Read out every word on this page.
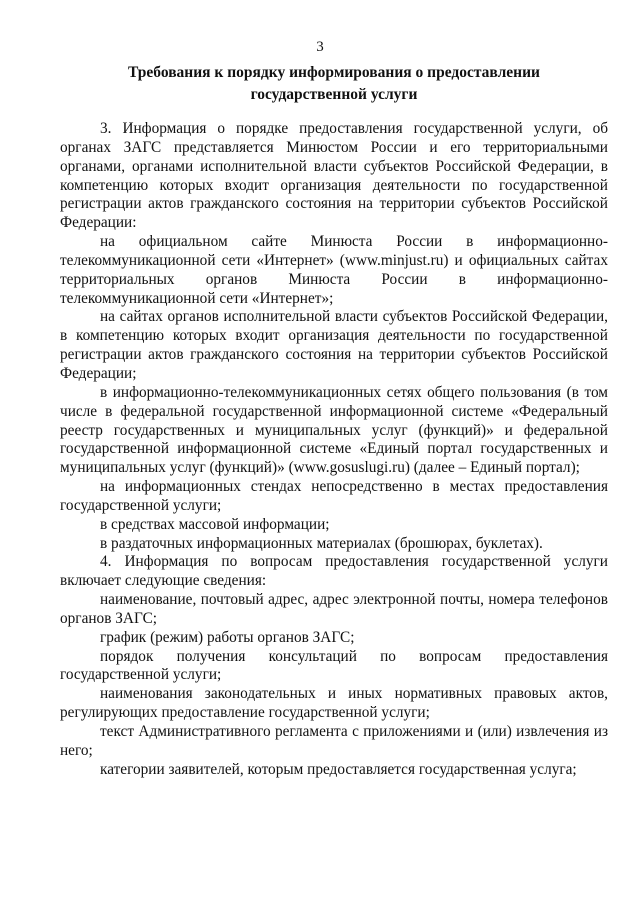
3
Требования к порядку информирования о предоставлении
государственной услуги

3. Информация о порядке предоставления государственной услуги, об органах ЗАГС представляется Минюстом России и его территориальными органами, органами исполнительной власти субъектов Российской Федерации, в компетенцию которых входит организация деятельности по государственной регистрации актов гражданского состояния на территории субъектов Российской Федерации:

на официальном сайте Минюста России в информационно-телекоммуникационной сети «Интернет» (www.minjust.ru) и официальных сайтах территориальных органов Минюста России в информационно-телекоммуникационной сети «Интернет»;

на сайтах органов исполнительной власти субъектов Российской Федерации, в компетенцию которых входит организация деятельности по государственной регистрации актов гражданского состояния на территории субъектов Российской Федерации;

в информационно-телекоммуникационных сетях общего пользования (в том числе в федеральной государственной информационной системе «Федеральный реестр государственных и муниципальных услуг (функций)» и федеральной государственной информационной системе «Единый портал государственных и муниципальных услуг (функций)» (www.gosuslugi.ru) (далее – Единый портал);

на информационных стендах непосредственно в местах предоставления государственной услуги;

в средствах массовой информации;

в раздаточных информационных материалах (брошюрах, буклетах).

4. Информация по вопросам предоставления государственной услуги включает следующие сведения:

наименование, почтовый адрес, адрес электронной почты, номера телефонов органов ЗАГС;

график (режим) работы органов ЗАГС;

порядок получения консультаций по вопросам предоставления государственной услуги;

наименования законодательных и иных нормативных правовых актов, регулирующих предоставление государственной услуги;

текст Административного регламента с приложениями и (или) извлечения из него;

категории заявителей, которым предоставляется государственная услуга;
